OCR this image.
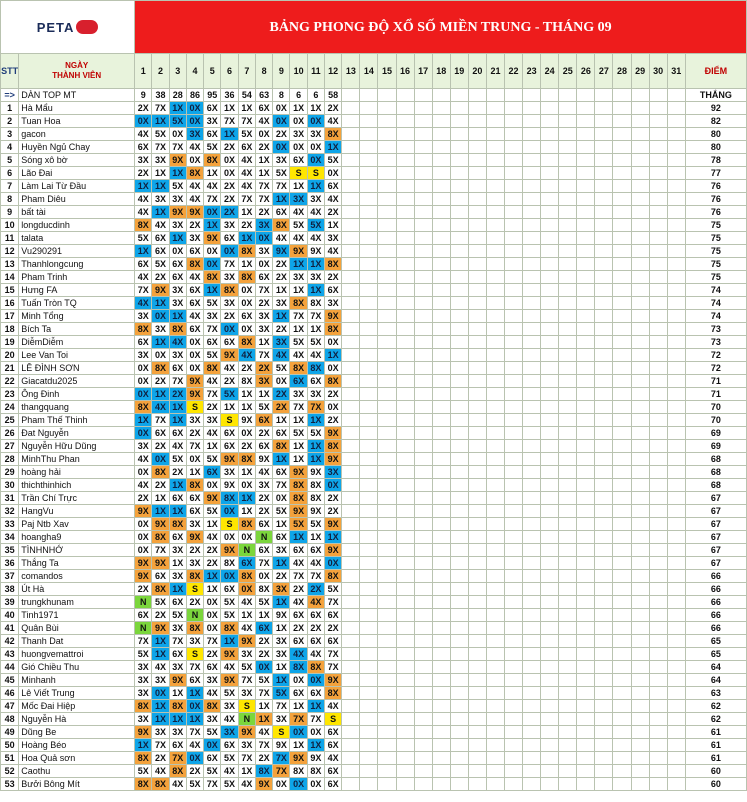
PETA		BẢNG PHONG ĐỘ XỔ SỐ MIỀN TRUNG - THÁNG 09																															
STT	NGÀY
THÀNH VIÊN	1	2	3	4	5	6	7	8	9	10	11	12	13	14	15	16	17	18	19	20	21	22	23	24	25	26	27	28	29	30	31	ĐIỂM
=>	DÀN TOP MT	9	38	28	86	95	36	54	63	8	6	6	58																				THẮNG
1	Hà Mẩu	2X	7X	1X	0X	6X	1X	1X	6X	0X	1X	1X	2X																				92
2	Tuan Hoa	0X	1X	5X	0X	3X	7X	7X	4X	0X	0X	0X	4X																				82
3	gacon	4X	5X	0X	3X	6X	1X	5X	0X	2X	3X	3X	8X																				80
4	Huyền Ngủ Chay	6X	7X	7X	4X	5X	2X	6X	2X	0X	0X	0X	1X																				80
5	Sóng xô bờ	3X	3X	9X	0X	8X	0X	4X	1X	3X	6X	0X	5X																				78
6	Lão Đai	2X	1X	1X	8X	1X	0X	4X	1X	5X	S	S	0X																				77
7	Làm Lai Từ Đầu	1X	1X	5X	4X	4X	2X	4X	7X	7X	1X	1X	6X																				76
8	Pham Diêu	4X	3X	3X	4X	7X	2X	7X	7X	1X	3X	3X	4X																				76
9	bất tài	4X	1X	9X	9X	0X	2X	1X	2X	6X	4X	4X	2X																				76
10	longducdinh	8X	4X	3X	2X	1X	3X	2X	3X	8X	5X	5X	1X																				75
11	talata	5X	6X	1X	3X	9X	6X	1X	0X	4X	4X	4X	3X																				75
12	Vu290291	1X	6X	0X	6X	0X	0X	8X	3X	9X	9X	9X	4X																				75
13	Thanhlongcung	6X	5X	6X	8X	0X	7X	1X	0X	2X	1X	1X	8X																				75
14	Pham Trinh	4X	2X	6X	4X	8X	3X	8X	6X	2X	3X	3X	2X																				75
15	Hưng FA	7X	9X	3X	6X	1X	8X	0X	7X	1X	1X	1X	6X																				74
16	Tuấn Tròn TQ	4X	1X	3X	6X	5X	3X	0X	2X	3X	8X	8X	3X																				74
17	Minh Tổng	3X	0X	1X	4X	3X	2X	6X	3X	1X	7X	7X	9X																				74
18	Bích Ta	8X	3X	8X	6X	7X	0X	0X	3X	2X	1X	1X	8X																				73
19	DiễmDiễm	6X	1X	4X	0X	6X	6X	8X	1X	3X	5X	5X	0X																				73
20	Lee Van Toi	3X	0X	3X	0X	5X	9X	4X	7X	4X	4X	4X	1X																				72
21	LÊ ĐÌNH SƠN	0X	8X	6X	0X	8X	4X	2X	2X	5X	8X	8X	0X																				72
22	Giacatdu2025	0X	2X	7X	9X	4X	2X	8X	3X	0X	6X	6X	8X																				71
23	Ông Đinh	0X	1X	2X	9X	7X	5X	1X	1X	2X	3X	3X	2X																				71
24	thangquang	8X	4X	1X	S	2X	1X	1X	5X	2X	7X	7X	0X																				70
25	Pham Thế Thinh	1X	7X	1X	3X	3X	S	9X	6X	1X	1X	1X	2X																				70
26	Đat Nguyễn	0X	6X	6X	2X	4X	6X	0X	2X	6X	5X	5X	9X																				69
27	Nguyễn Hữu Dũng	3X	2X	4X	7X	1X	6X	2X	6X	8X	1X	1X	8X																				69
28	MinhThu Phan	4X	0X	5X	0X	5X	9X	8X	9X	1X	1X	1X	9X																				68
29	hoàng hải	0X	8X	2X	1X	6X	3X	1X	4X	6X	9X	9X	3X																				68
30	thichthinhich	4X	2X	1X	8X	0X	9X	0X	3X	7X	8X	8X	0X																				68
31	Trần Chí Trực	2X	1X	6X	6X	9X	8X	1X	2X	0X	8X	8X	2X																				67
32	HangVu	9X	1X	1X	6X	5X	0X	1X	2X	5X	9X	9X	2X																				67
33	Paj Ntb Xav	0X	9X	8X	3X	1X	S	8X	6X	1X	5X	5X	9X																				67
34	hoangha9	0X	8X	6X	9X	4X	0X	0X	N	6X	1X	1X	1X																				67
35	TÌNHNHỚ	0X	7X	3X	2X	2X	9X	N	6X	3X	6X	6X	9X																				67
36	Thắng Ta	9X	9X	1X	3X	2X	8X	6X	7X	1X	4X	4X	0X																				67
37	comandos	9X	6X	3X	8X	1X	0X	8X	0X	2X	7X	7X	8X																				66
38	Út Hà	2X	8X	1X	S	1X	6X	0X	8X	3X	2X	2X	5X																				66
39	trungkhunam	N	5X	6X	2X	0X	5X	4X	5X	1X	4X	4X	7X																				66
40	Tinh1971	6X	2X	5X	N	0X	5X	1X	1X	9X	6X	6X	6X																				66
41	Quân Bùi	N	9X	3X	8X	0X	8X	4X	6X	1X	2X	2X	2X																				66
42	Thanh Dat	7X	1X	7X	3X	7X	1X	9X	2X	3X	6X	6X	6X																				65
43	huongvemattroi	5X	1X	6X	S	2X	9X	3X	2X	3X	4X	4X	7X																				65
44	Gió Chiều Thu	3X	4X	3X	7X	6X	4X	5X	0X	1X	8X	8X	7X																				64
45	Minhanh	3X	3X	9X	6X	3X	9X	7X	5X	1X	0X	0X	9X																				64
46	Lê Viết Trung	3X	0X	1X	1X	4X	5X	3X	7X	5X	6X	6X	8X																				63
47	Mốc Đai Hiệp	8X	1X	8X	0X	8X	3X	S	1X	7X	1X	1X	4X																				62
48	Nguyễn Hà	3X	1X	1X	1X	3X	4X	N	1X	3X	7X	7X	S																				62
49	Dũng Be	9X	3X	3X	7X	5X	3X	9X	4X	S	0X	0X	6X																				61
50	Hoàng Béo	1X	7X	6X	4X	0X	6X	3X	7X	9X	1X	1X	6X																				61
51	Hoa Quả sơn	8X	2X	7X	0X	6X	5X	7X	2X	7X	9X	9X	4X																				61
52	Caothu	5X	4X	8X	2X	5X	4X	1X	8X	7X	8X	8X	6X																				60
53	Bưởi Bông Mít	8X	8X	4X	5X	7X	5X	4X	9X	0X	0X	0X	6X																				60
